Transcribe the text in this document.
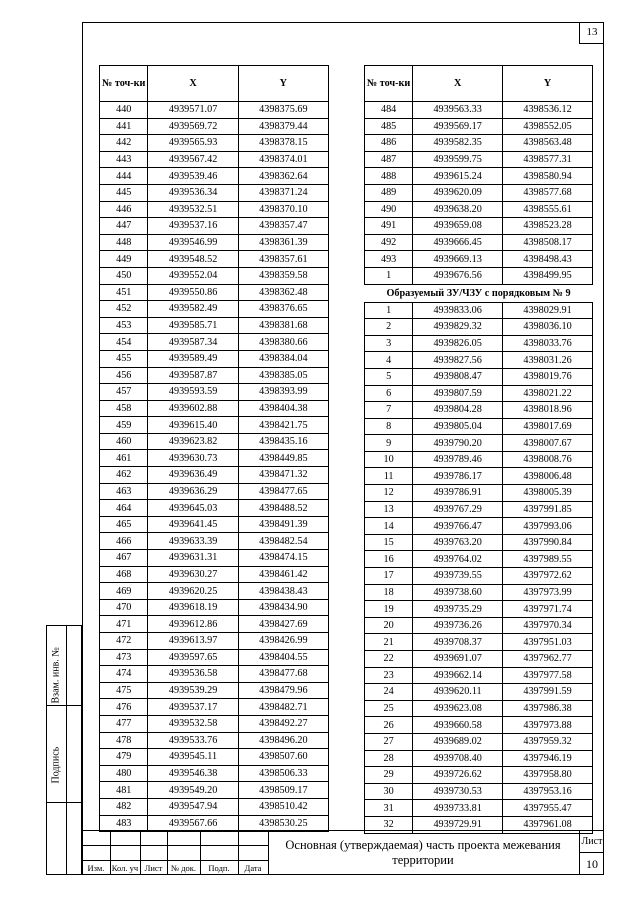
13
№ точ-ки	X	Y
440	4939571.07	4398375.69
441	4939569.72	4398379.44
442	4939565.93	4398378.15
443	4939567.42	4398374.01
444	4939539.46	4398362.64
445	4939536.34	4398371.24
446	4939532.51	4398370.10
447	4939537.16	4398357.47
448	4939546.99	4398361.39
449	4939548.52	4398357.61
450	4939552.04	4398359.58
451	4939550.86	4398362.48
452	4939582.49	4398376.65
453	4939585.71	4398381.68
454	4939587.34	4398380.66
455	4939589.49	4398384.04
456	4939587.87	4398385.05
457	4939593.59	4398393.99
458	4939602.88	4398404.38
459	4939615.40	4398421.75
460	4939623.82	4398435.16
461	4939630.73	4398449.85
462	4939636.49	4398471.32
463	4939636.29	4398477.65
464	4939645.03	4398488.52
465	4939641.45	4398491.39
466	4939633.39	4398482.54
467	4939631.31	4398474.15
468	4939630.27	4398461.42
469	4939620.25	4398438.43
470	4939618.19	4398434.90
471	4939612.86	4398427.69
472	4939613.97	4398426.99
473	4939597.65	4398404.55
474	4939536.58	4398477.68
475	4939539.29	4398479.96
476	4939537.17	4398482.71
477	4939532.58	4398492.27
478	4939533.76	4398496.20
479	4939545.11	4398507.60
480	4939546.38	4398506.33
481	4939549.20	4398509.17
482	4939547.94	4398510.42
483	4939567.66	4398530.25
№ точ-ки	X	Y
484	4939563.33	4398536.12
485	4939569.17	4398552.05
486	4939582.35	4398563.48
487	4939599.75	4398577.31
488	4939615.24	4398580.94
489	4939620.09	4398577.68
490	4939638.20	4398555.61
491	4939659.08	4398523.28
492	4939666.45	4398508.17
493	4939669.13	4398498.43
1	4939676.56	4398499.95
Образуемый ЗУ/ЧЗУ с порядковым № 9		
1	4939833.06	4398029.91
2	4939829.32	4398036.10
3	4939826.05	4398033.76
4	4939827.56	4398031.26
5	4939808.47	4398019.76
6	4939807.59	4398021.22
7	4939804.28	4398018.96
8	4939805.04	4398017.69
9	4939790.20	4398007.67
10	4939789.46	4398008.76
11	4939786.17	4398006.48
12	4939786.91	4398005.39
13	4939767.29	4397991.85
14	4939766.47	4397993.06
15	4939763.20	4397990.84
16	4939764.02	4397989.55
17	4939739.55	4397972.62
18	4939738.60	4397973.99
19	4939735.29	4397971.74
20	4939736.26	4397970.34
21	4939708.37	4397951.03
22	4939691.07	4397962.77
23	4939662.14	4397977.58
24	4939620.11	4397991.59
25	4939623.08	4397986.38
26	4939660.58	4397973.88
27	4939689.02	4397959.32
28	4939708.40	4397946.19
29	4939726.62	4397958.80
30	4939730.53	4397953.16
31	4939733.81	4397955.47
32	4939729.91	4397961.08
Взам. инв. №
Подпись
Изм. Кол. уч Лист	№ док.	Подп.	Дата
Основная (утверждаемая) часть проекта межевания территории
Лист
10
